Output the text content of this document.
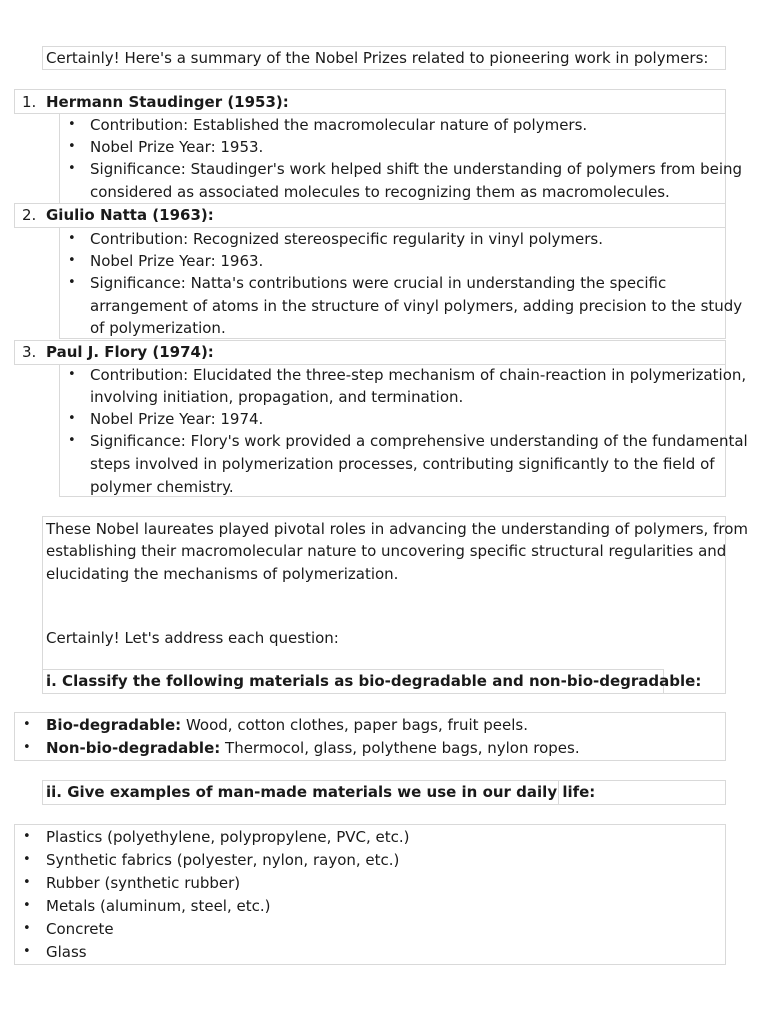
Certainly! Here's a summary of the Nobel Prizes related to pioneering work in polymers:
1. Hermann Staudinger (1953):
• Contribution: Established the macromolecular nature of polymers.
• Nobel Prize Year: 1953.
• Significance: Staudinger's work helped shift the understanding of polymers from being
considered as associated molecules to recognizing them as macromolecules.
2. Giulio Natta (1963):
• Contribution: Recognized stereospecific regularity in vinyl polymers.
• Nobel Prize Year: 1963.
• Significance: Natta's contributions were crucial in understanding the specific
arrangement of atoms in the structure of vinyl polymers, adding precision to the study
of polymerization.
3. Paul J. Flory (1974):
• Contribution: Elucidated the three-step mechanism of chain-reaction in polymerization,
involving initiation, propagation, and termination.
• Nobel Prize Year: 1974.
• Significance: Flory's work provided a comprehensive understanding of the fundamental
steps involved in polymerization processes, contributing significantly to the field of
polymer chemistry.
These Nobel laureates played pivotal roles in advancing the understanding of polymers, from
establishing their macromolecular nature to uncovering specific structural regularities and
elucidating the mechanisms of polymerization.
Certainly! Let's address each question:
i. Classify the following materials as bio-degradable and non-bio-degradable:
• Bio-degradable: Wood, cotton clothes, paper bags, fruit peels.
• Non-bio-degradable: Thermocol, glass, polythene bags, nylon ropes.
ii. Give examples of man-made materials we use in our daily life:
• Plastics (polyethylene, polypropylene, PVC, etc.)
• Synthetic fabrics (polyester, nylon, rayon, etc.)
• Rubber (synthetic rubber)
• Metals (aluminum, steel, etc.)
• Concrete
• Glass
